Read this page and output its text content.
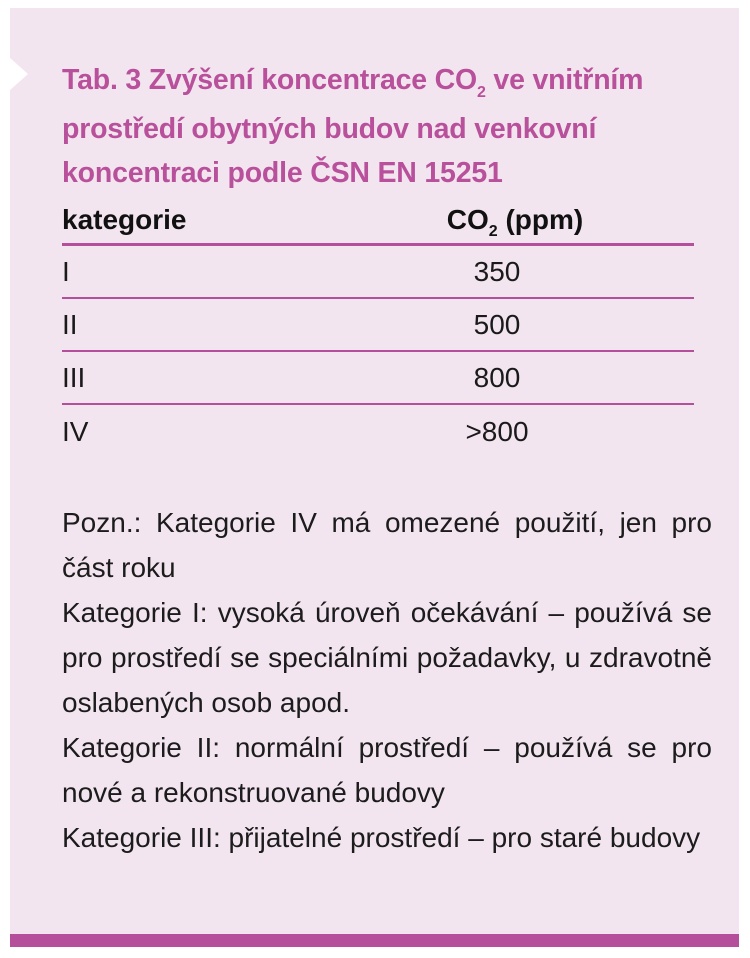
Tab. 3 Zvýšení koncentrace $CO_2$ ve vnitřním prostředí obytných budov nad venkovní koncentraci podle ČSN EN 15251
kategorie	$CO_2$ (ppm)
I	350
II	500
III	800
IV	>800

Pozn.: Kategorie IV má omezené použití, jen pro část roku

Kategorie I: vysoká úroveň očekávání – používá se pro prostředí se speciálními požadavky, u zdravotně oslabených osob apod.

Kategorie II: normální prostředí – používá se pro nové a rekonstruované budovy

Kategorie III: přijatelné prostředí – pro staré budovy
